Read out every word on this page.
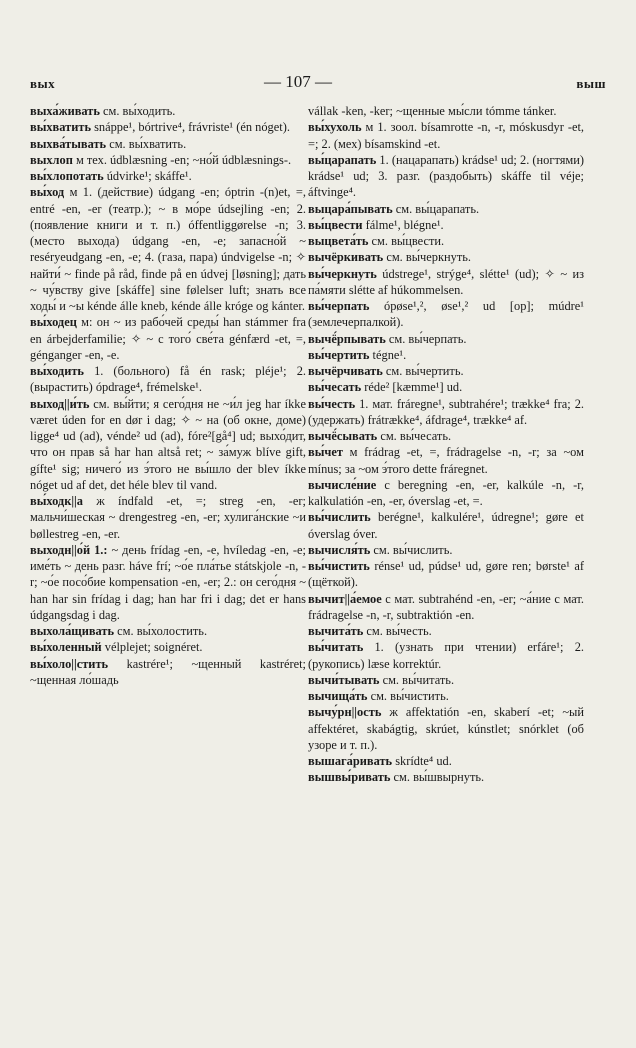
вых	— 107 —	выш

выха́живать см. вы́ходить.

вы́хватить snáppe¹, bórtrive⁴, frávriste¹ (én nóget).

выхва́тывать см. вы́хватить.

выхлоп м тех. údblæsning -en; ~но́й údblæsnings-.

вы́хлопотать údvirke¹; skáffe¹.

вы́ход м 1. (действие) údgang -en; óptrin -(n)et, =, entré -en, -er (театр.); ~ в мо́ре údsejling -en; 2. (появление книги и т. п.) óffentliggørelse -n; 3. (место выхода) údgang -en, -e; запасно́й ~ reséryeudgang -en, -e; 4. (газа, пара) úndvigelse -n; ✧ найти́ ~ finde på råd, finde på en údvej [løsning]; дать ~ чу́вству give [skáffe] sine følelser luft; знать все ходы́ и ~ы kénde álle kneb, kénde álle króge og kánter.

вы́ходец м: он ~ из рабо́чей среды́ han stámmer fra en árbejderfamilie; ✧ ~ с того́ све́та génfærd -et, =, génganger -en, -e.

вы́ходить 1. (больного) få én rask; pléje¹; 2. (вырастить) ópdrage⁴, frémelske¹.

выход||и́ть см. вы́йти; я сего́дня не ~и́л jeg har íkke været úden for en dør i dag; ✧ ~ на (об окне, доме) ligge⁴ ud (ad), vénde² ud (ad), fóre²[gå⁴] ud; выхо́дит, что он прав så har han altså ret; ~ за́муж blíve gift, gífte¹ sig; ничего́ из э́того не вы́шло der blev íkke nóget ud af det, det héle blev til vand.

вы́ходк||а ж índfald -et, =; streg -en, -er; мальчи́шеская ~ drengestreg -en, -er; хулига́нские ~и bøllestreg -en, -er.

выходн||о́й 1.: ~ день frídag -en, -e, hvíledag -en, -e; име́ть ~ день разг. háve frí; ~о́е пла́тье státskjole -n, -r; ~о́е посо́бие kompensation -en, -er; 2.: он сего́дня ~ han har sin frídag i dag; han har fri i dag; det er hans údgangsdag i dag.

выхола́щивать см. вы́холостить.

вы́холенный vélplejet; soignéret.

вы́холо||стить kastrére¹; ~щенный kastréret; ~щенная ло́шадь

vállak -ken, -ker; ~щенные мы́сли tómme tánker.

вы́хухоль м 1. зоол. bísamrotte -n, -r, móskusdyr -et, =; 2. (мех) bísamskind -et.

вы́царапать 1. (нацарапать) krádse¹ ud; 2. (ногтями) krádse¹ ud; 3. разг. (раздобыть) skáffe til véje; áftvinge⁴.

выцара́пывать см. вы́царапать.

вы́цвести fálme¹, blégne¹.

выцвета́ть см. вы́цвести.

вычёркивать см. вы́черкнуть.

вы́черкнуть údstrege¹, strýge⁴, slétte¹ (ud); ✧ ~ из па́мяти slétte af húkommelsen.

вы́черпать óрøse¹,², øse¹,² ud [op]; múdre¹ (землечерпалкой).

вычё́рпывать см. вы́черпать.

вы́чертить tégne¹.

вычёрчивать см. вы́чертить.

вы́чесать réde² [kæmme¹] ud.

вы́честь 1. мат. fráregne¹, subtrahére¹; trække⁴ fra; 2. (удержать) frátrække⁴, áfdrage⁴, trække⁴ af.

вычё́сывать см. вы́чесать.

вы́чет м frádrag -et, =, frádragelse -n, -r; за ~ом mínus; за ~ом э́того dette fráregnet.

вычисле́ние с beregning -en, -er, kalkúle -n, -r, kalkulatión -en, -er, óverslag -et, =.

вы́числить berégne¹, kalkulére¹, údregne¹; gøre et óverslag óver.

вычисля́ть см. вы́числить.

вы́чистить rénse¹ ud, púdse¹ ud, gøre ren; børste¹ af (щёткой).

вычит||а́емое с мат. subtrahénd -en, -er; ~а́ние с мат. frádragelse -n, -r, subtraktión -en.

вычита́ть см. вы́честь.

вы́читать 1. (узнать при чтении) erfáre¹; 2. (рукопись) læse korrektúr.

вычи́тывать см. вы́читать.

вычища́ть см. вы́чистить.

вычу́рн||ость ж affektatión -en, skaberí -et; ~ый affektéret, skabágtig, skrúet, kúnstlet; snórklet (об узоре и т. п.).

вышага́ривать skrídte⁴ ud.

вышвы́ривать см. вы́швырнуть.
